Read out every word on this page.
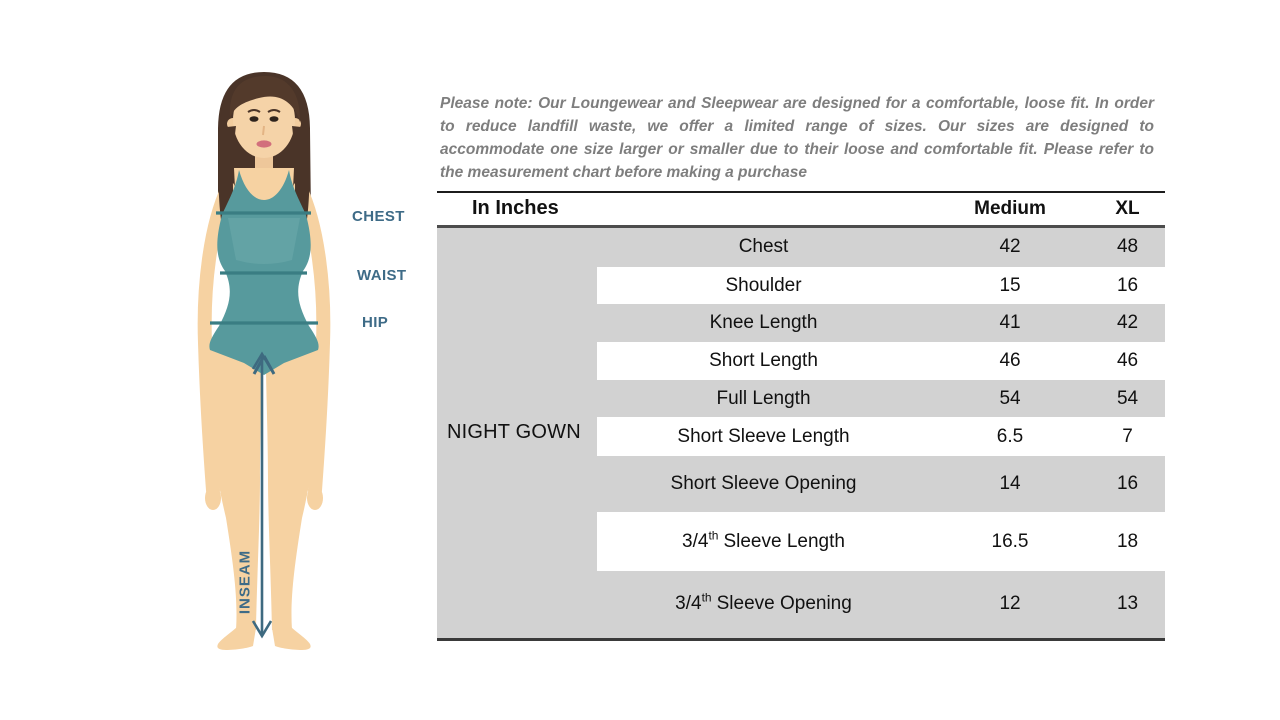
CHEST
WAIST
HIP
INSEAM

Please note: Our Loungewear and Sleepwear are designed for a comfortable, loose fit. In order to reduce landfill waste, we offer a limited range of sizes. Our sizes are designed to accommodate one size larger or smaller due to their loose and comfortable fit. Please refer to the measurement chart before making a purchase

In Inches		Medium	XL
NIGHT GOWN	Chest	42	48
	Shoulder	15	16
	Knee Length	41	42
	Short Length	46	46
	Full Length	54	54
	Short Sleeve Length	6.5	7
	Short Sleeve Opening	14	16
	3/4th Sleeve Length	16.5	18
	3/4th Sleeve Opening	12	13
